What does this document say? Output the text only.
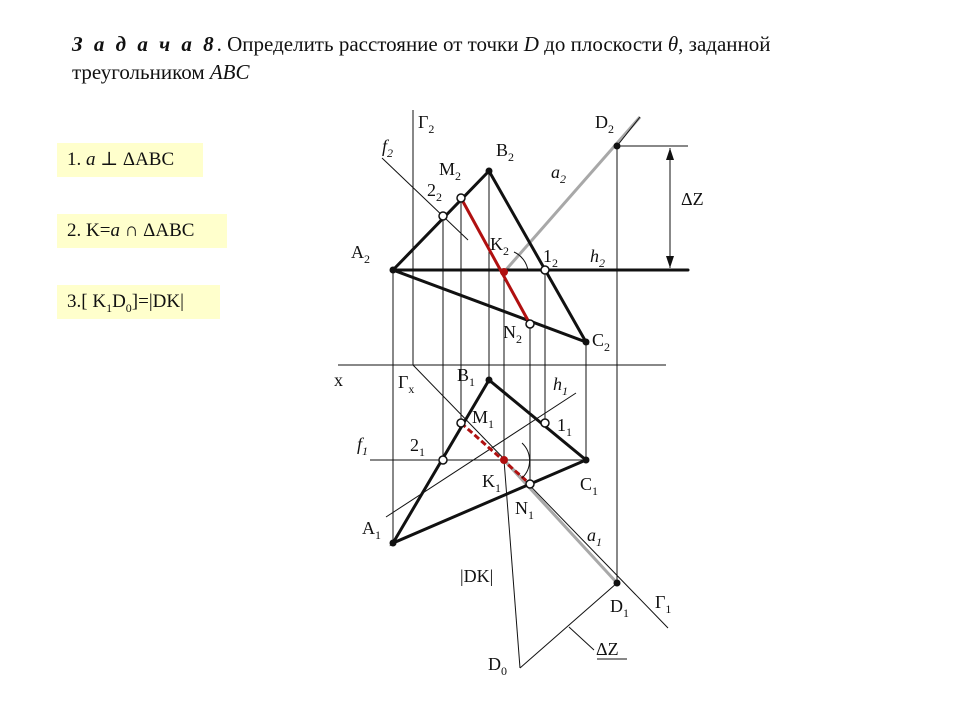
З а д а ч а 8. Определить расстояние от точки D до плоскости θ, заданной треугольником ABC
1. a ⊥ ΔABC
2. K=a ∩ ΔABC
3.[ $K_1D_0]=|DK|$
$Г_2$
$f_2$
$D_2$
$B_2$
$M_2$
$2_2$
$a_2$
ΔZ
$A_2$
$K_2$ $1_2$ $h_2$
$N_2$	$C_2$
x	$Г_x$
$B_1$	$h_1$
$M_1$	$1_1$
$f_1$ $2_1$
$K_1$	$C_1$
$N_1$
$A_1$	$a_1$
|DK|
$D_1$
$Г_1$
ΔZ
$D_0$
